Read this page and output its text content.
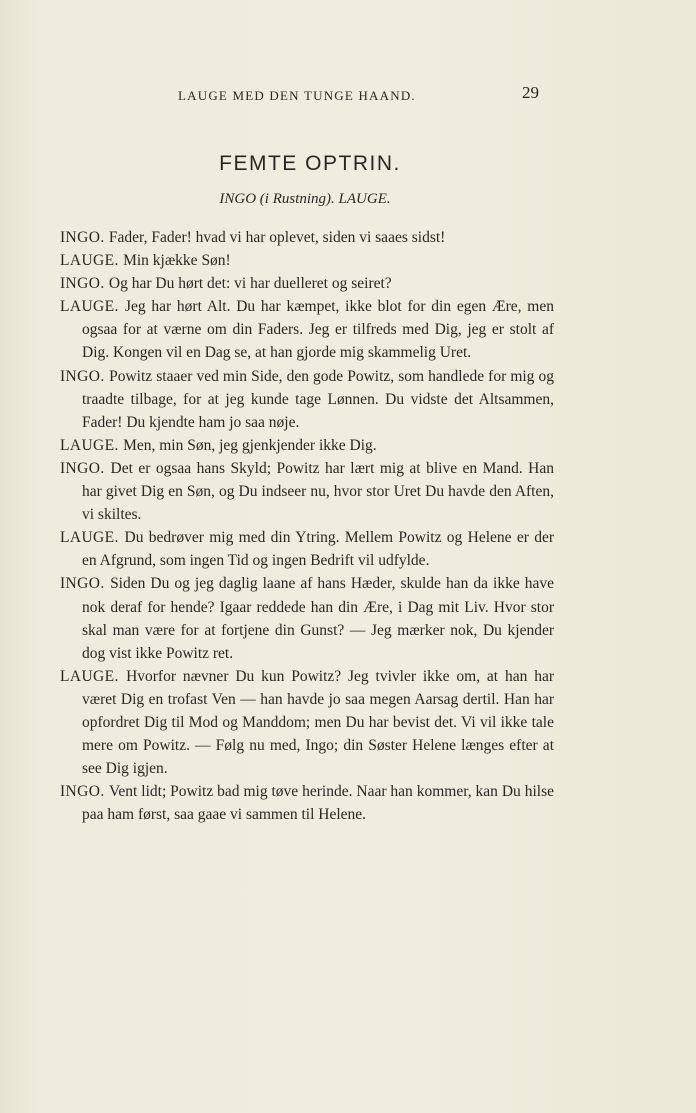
LAUGE MED DEN TUNGE HAAND.	29
FEMTE OPTRIN.
INGO (i Rustning). LAUGE.

INGO. Fader, Fader! hvad vi har oplevet, siden vi saaes sidst!

LAUGE. Min kjække Søn!

INGO. Og har Du hørt det: vi har duelleret og seiret?

LAUGE. Jeg har hørt Alt. Du har kæmpet, ikke blot for din egen Ære, men ogsaa for at værne om din Faders. Jeg er tilfreds med Dig, jeg er stolt af Dig. Kongen vil en Dag se, at han gjorde mig skammelig Uret.

INGO. Powitz staaer ved min Side, den gode Powitz, som handlede for mig og traadte tilbage, for at jeg kunde tage Lønnen. Du vidste det Altsammen, Fader! Du kjendte ham jo saa nøje.

LAUGE. Men, min Søn, jeg gjenkjender ikke Dig.

INGO. Det er ogsaa hans Skyld; Powitz har lært mig at blive en Mand. Han har givet Dig en Søn, og Du indseer nu, hvor stor Uret Du havde den Aften, vi skiltes.

LAUGE. Du bedrøver mig med din Ytring. Mellem Powitz og Helene er der en Afgrund, som ingen Tid og ingen Bedrift vil udfylde.

INGO. Siden Du og jeg daglig laane af hans Hæder, skulde han da ikke have nok deraf for hende? Igaar reddede han din Ære, i Dag mit Liv. Hvor stor skal man være for at fortjene din Gunst? — Jeg mærker nok, Du kjender dog vist ikke Powitz ret.

LAUGE. Hvorfor nævner Du kun Powitz? Jeg tvivler ikke om, at han har været Dig en trofast Ven — han havde jo saa megen Aarsag dertil. Han har opfordret Dig til Mod og Manddom; men Du har bevist det. Vi vil ikke tale mere om Powitz. — Følg nu med, Ingo; din Søster Helene længes efter at see Dig igjen.

INGO. Vent lidt; Powitz bad mig tøve herinde. Naar han kommer, kan Du hilse paa ham først, saa gaae vi sammen til Helene.
